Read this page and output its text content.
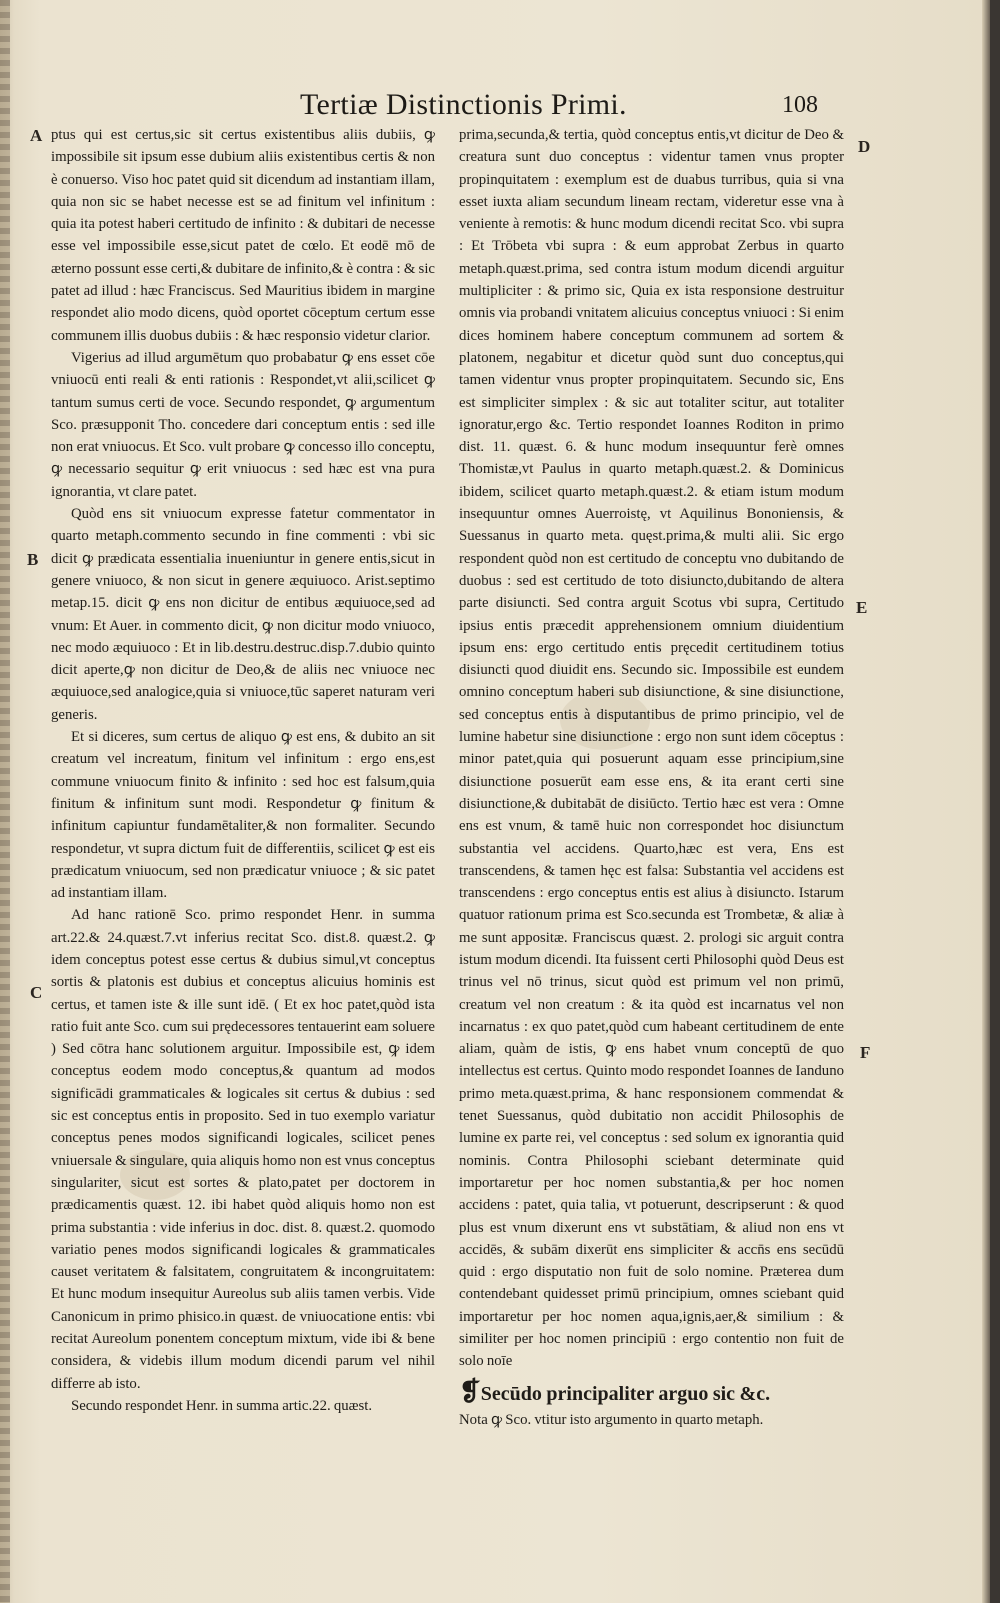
Tertiæ Distinctionis Primi.	108
A
B
C
D
E
F

ptus qui est certus,sic sit certus existentibus aliis dubiis, ꝙ impossibile sit ipsum esse dubium aliis existentibus certis & non è conuerso. Viso hoc patet quid sit dicendum ad instantiam illam, quia non sic se habet necesse est se ad finitum vel infinitum : quia ita potest haberi certitudo de infinito : & dubitari de necesse esse vel impossibile esse,sicut patet de cœlo. Et eodē mō de æterno possunt esse certi,& dubitare de infinito,& è contra : & sic patet ad illud : hæc Franciscus. Sed Mauritius ibidem in margine respondet alio modo dicens, quòd oportet cōceptum certum esse communem illis duobus dubiis : & hæc responsio videtur clarior.

Vigerius ad illud argumētum quo probabatur ꝙ ens esset cōe vniuocū enti reali & enti rationis : Respondet,vt alii,scilicet ꝙ tantum sumus certi de voce. Secundo respondet, ꝙ argumentum Sco. præsupponit Tho. concedere dari conceptum entis : sed ille non erat vniuocus. Et Sco. vult probare ꝙ concesso illo conceptu, ꝙ necessario sequitur ꝙ erit vniuocus : sed hæc est vna pura ignorantia, vt clare patet.

Quòd ens sit vniuocum expresse fatetur commentator in quarto metaph.commento secundo in fine commenti : vbi sic dicit ꝙ prædicata essentialia inueniuntur in genere entis,sicut in genere vniuoco, & non sicut in genere æquiuoco. Arist.septimo metap.15. dicit ꝙ ens non dicitur de entibus æquiuoce,sed ad vnum: Et Auer. in commento dicit, ꝙ non dicitur modo vniuoco, nec modo æquiuoco : Et in lib.destru.destruc.disp.7.dubio quinto dicit aperte,ꝙ non dicitur de Deo,& de aliis nec vniuoce nec æquiuoce,sed analogice,quia si vniuoce,tūc saperet naturam veri generis.

Et si diceres, sum certus de aliquo ꝙ est ens, & dubito an sit creatum vel increatum, finitum vel infinitum : ergo ens,est commune vniuocum finito & infinito : sed hoc est falsum,quia finitum & infinitum sunt modi. Respondetur ꝙ finitum & infinitum capiuntur fundamētaliter,& non formaliter. Secundo respondetur, vt supra dictum fuit de differentiis, scilicet ꝙ est eis prædicatum vniuocum, sed non prædicatur vniuoce ; & sic patet ad instantiam illam.

Ad hanc rationē Sco. primo respondet Henr. in summa art.22.& 24.quæst.7.vt inferius recitat Sco. dist.8. quæst.2. ꝙ idem conceptus potest esse certus & dubius simul,vt conceptus sortis & platonis est dubius et conceptus alicuius hominis est certus, et tamen iste & ille sunt idē. ( Et ex hoc patet,quòd ista ratio fuit ante Sco. cum sui prędecessores tentauerint eam soluere ) Sed cōtra hanc solutionem arguitur. Impossibile est, ꝙ idem conceptus eodem modo conceptus,& quantum ad modos significādi grammaticales & logicales sit certus & dubius : sed sic est conceptus entis in proposito. Sed in tuo exemplo variatur conceptus penes modos significandi logicales, scilicet penes vniuersale & singulare, quia aliquis homo non est vnus conceptus singulariter, sicut est sortes & plato,patet per doctorem in prædicamentis quæst. 12. ibi habet quòd aliquis homo non est prima substantia : vide inferius in doc. dist. 8. quæst.2. quomodo variatio penes modos significandi logicales & grammaticales causet veritatem & falsitatem, congruitatem & incongruitatem: Et hunc modum insequitur Aureolus sub aliis tamen verbis. Vide Canonicum in primo phisico.in quæst. de vniuocatione entis: vbi recitat Aureolum ponentem conceptum mixtum, vide ibi & bene considera, & videbis illum modum dicendi parum vel nihil differre ab isto.

Secundo respondet Henr. in summa artic.22. quæst.

prima,secunda,& tertia, quòd conceptus entis,vt dicitur de Deo & creatura sunt duo conceptus : videntur tamen vnus propter propinquitatem : exemplum est de duabus turribus, quia si vna esset iuxta aliam secundum lineam rectam, videretur esse vna à veniente à remotis: & hunc modum dicendi recitat Sco. vbi supra : Et Trōbeta vbi supra : & eum approbat Zerbus in quarto metaph.quæst.prima, sed contra istum modum dicendi arguitur multipliciter : & primo sic, Quia ex ista responsione destruitur omnis via probandi vnitatem alicuius conceptus vniuoci : Si enim dices hominem habere conceptum communem ad sortem & platonem, negabitur et dicetur quòd sunt duo conceptus,qui tamen videntur vnus propter propinquitatem. Secundo sic, Ens est simpliciter simplex : & sic aut totaliter scitur, aut totaliter ignoratur,ergo &c. Tertio respondet Ioannes Roditon in primo dist. 11. quæst. 6. & hunc modum insequuntur ferè omnes Thomistæ,vt Paulus in quarto metaph.quæst.2. & Dominicus ibidem, scilicet quarto metaph.quæst.2. & etiam istum modum insequuntur omnes Auerroistę, vt Aquilinus Bononiensis, & Suessanus in quarto meta. quęst.prima,& multi alii. Sic ergo respondent quòd non est certitudo de conceptu vno dubitando de duobus : sed est certitudo de toto disiuncto,dubitando de altera parte disiuncti. Sed contra arguit Scotus vbi supra, Certitudo ipsius entis præcedit apprehensionem omnium diuidentium ipsum ens: ergo certitudo entis pręcedit certitudinem totius disiuncti quod diuidit ens. Secundo sic. Impossibile est eundem omnino conceptum haberi sub disiunctione, & sine disiunctione, sed conceptus entis à disputantibus de primo principio, vel de lumine habetur sine disiunctione : ergo non sunt idem cōceptus : minor patet,quia qui posuerunt aquam esse principium,sine disiunctione posuerūt eam esse ens, & ita erant certi sine disiunctione,& dubitabāt de disiūcto. Tertio hæc est vera : Omne ens est vnum, & tamē huic non correspondet hoc disiunctum substantia vel accidens. Quarto,hæc est vera, Ens est transcendens, & tamen hęc est falsa: Substantia vel accidens est transcendens : ergo conceptus entis est alius à disiuncto. Istarum quatuor rationum prima est Sco.secunda est Trombetæ, & aliæ à me sunt appositæ. Franciscus quæst. 2. prologi sic arguit contra istum modum dicendi. Ita fuissent certi Philosophi quòd Deus est trinus vel nō trinus, sicut quòd est primum vel non primū, creatum vel non creatum : & ita quòd est incarnatus vel non incarnatus : ex quo patet,quòd cum habeant certitudinem de ente aliam, quàm de istis, ꝙ ens habet vnum conceptū de quo intellectus est certus. Quinto modo respondet Ioannes de Ianduno primo meta.quæst.prima, & hanc responsionem commendat & tenet Suessanus, quòd dubitatio non accidit Philosophis de lumine ex parte rei, vel conceptus : sed solum ex ignorantia quid nominis. Contra Philosophi sciebant determinate quid importaretur per hoc nomen substantia,& per hoc nomen accidens : patet, quia talia, vt potuerunt, descripserunt : & quod plus est vnum dixerunt ens vt substātiam, & aliud non ens vt accidēs, & subām dixerūt ens simpliciter & accn̄s ens secūdū quid : ergo disputatio non fuit de solo nomine. Præterea dum contendebant quidesset primū principium, omnes sciebant quid importaretur per hoc nomen aqua,ignis,aer,& similium : & similiter per hoc nomen principiū : ergo contentio non fuit de solo noīe

❡Secūdo principaliter arguo sic &c.

Nota ꝙ Sco. vtitur isto argumento in quarto metaph.
